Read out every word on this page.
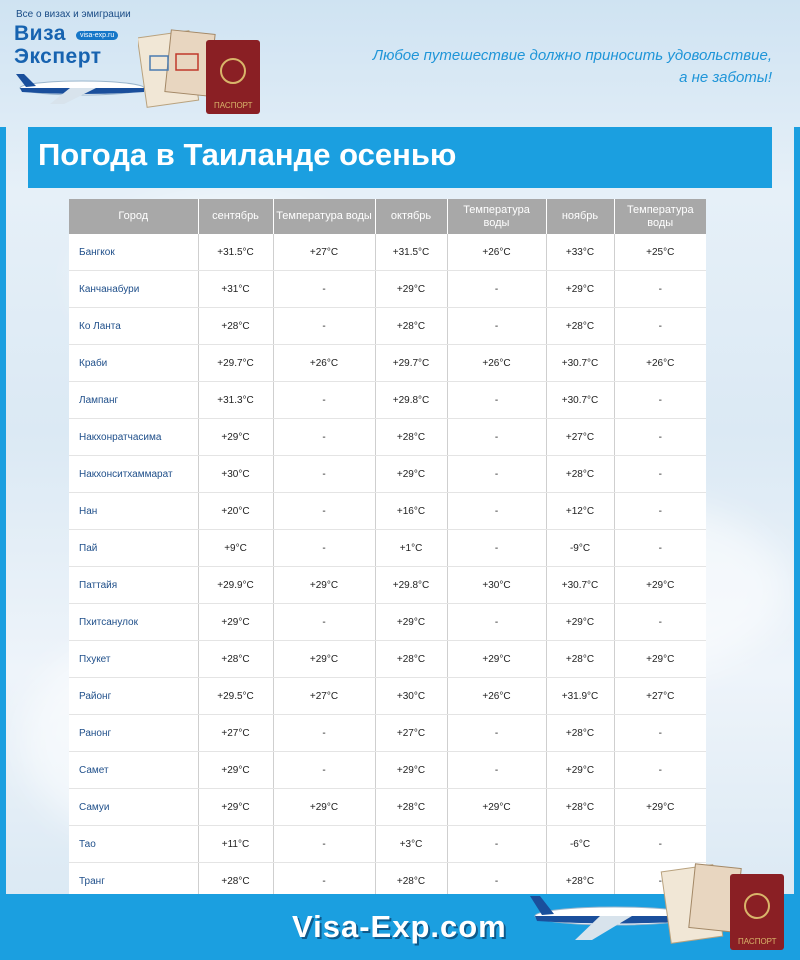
Все о визах и эмиграции
Виза	visa-exp.ru
Эксперт
ПАСПОРТ
Любое путешествие должно приносить удовольствие,
а не заботы!
Погода в Таиланде осенью
Город	сентябрь	Температура воды	октябрь	Температура воды	ноябрь	Температура воды
Бангкок	+31.5°C	+27°C	+31.5°C	+26°C	+33°C	+25°C
Канчанабури	+31°C	-	+29°C	-	+29°C	-
Ко Ланта	+28°C	-	+28°C	-	+28°C	-
Краби	+29.7°C	+26°C	+29.7°C	+26°C	+30.7°C	+26°C
Лампанг	+31.3°C	-	+29.8°C	-	+30.7°C	-
Накхонратчасима	+29°C	-	+28°C	-	+27°C	-
Накхонситхаммарат	+30°C	-	+29°C	-	+28°C	-
Нан	+20°C	-	+16°C	-	+12°C	-
Пай	+9°C	-	+1°C	-	-9°C	-
Паттайя	+29.9°C	+29°C	+29.8°C	+30°C	+30.7°C	+29°C
Пхитсанулок	+29°C	-	+29°C	-	+29°C	-
Пхукет	+28°C	+29°C	+28°C	+29°C	+28°C	+29°C
Районг	+29.5°C	+27°C	+30°C	+26°C	+31.9°C	+27°C
Ранонг	+27°C	-	+27°C	-	+28°C	-
Самет	+29°C	-	+29°C	-	+29°C	-
Самуи	+29°C	+29°C	+28°C	+29°C	+28°C	+29°C
Тао	+11°C	-	+3°C	-	-6°C	-
Транг	+28°C	-	+28°C	-	+28°C	-
Visa-Exp.com	ПАСПОРТ
